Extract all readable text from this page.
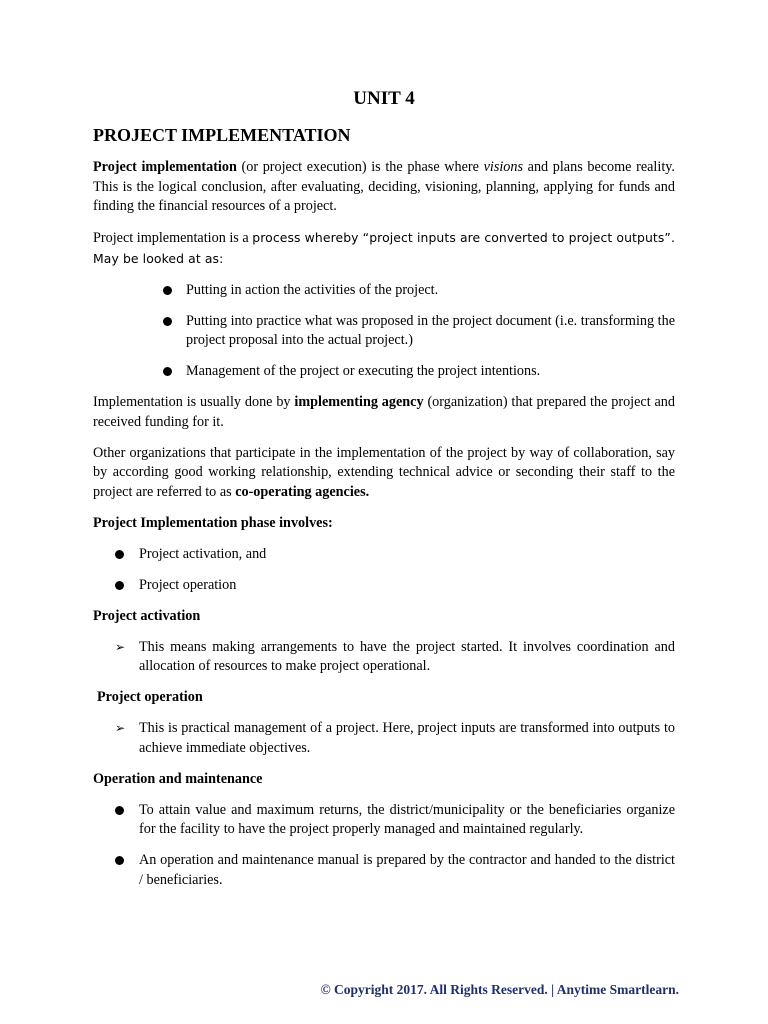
UNIT 4
PROJECT IMPLEMENTATION

Project implementation (or project execution) is the phase where visions and plans become reality. This is the logical conclusion, after evaluating, deciding, visioning, planning, applying for funds and finding the financial resources of a project.

Project implementation is a process whereby “project inputs are converted to project outputs”. May be looked at as:

Putting in action the activities of the project.
Putting into practice what was proposed in the project document (i.e. transforming the project proposal into the actual project.)
Management of the project or executing the project intentions.

Implementation is usually done by implementing agency (organization) that prepared the project and received funding for it.

Other organizations that participate in the implementation of the project by way of collaboration, say by according good working relationship, extending technical advice or seconding their staff to the project are referred to as co-operating agencies.

Project Implementation phase involves:
Project activation, and
Project operation
Project activation
➢ This means making arrangements to have the project started. It involves coordination and allocation of resources to make project operational.
Project operation
➢ This is practical management of a project. Here, project inputs are transformed into outputs to achieve immediate objectives.
Operation and maintenance
To attain value and maximum returns, the district/municipality or the beneficiaries organize for the facility to have the project properly managed and maintained regularly.
An operation and maintenance manual is prepared by the contractor and handed to the district / beneficiaries.
© Copyright 2017. All Rights Reserved. | Anytime Smartlearn.
